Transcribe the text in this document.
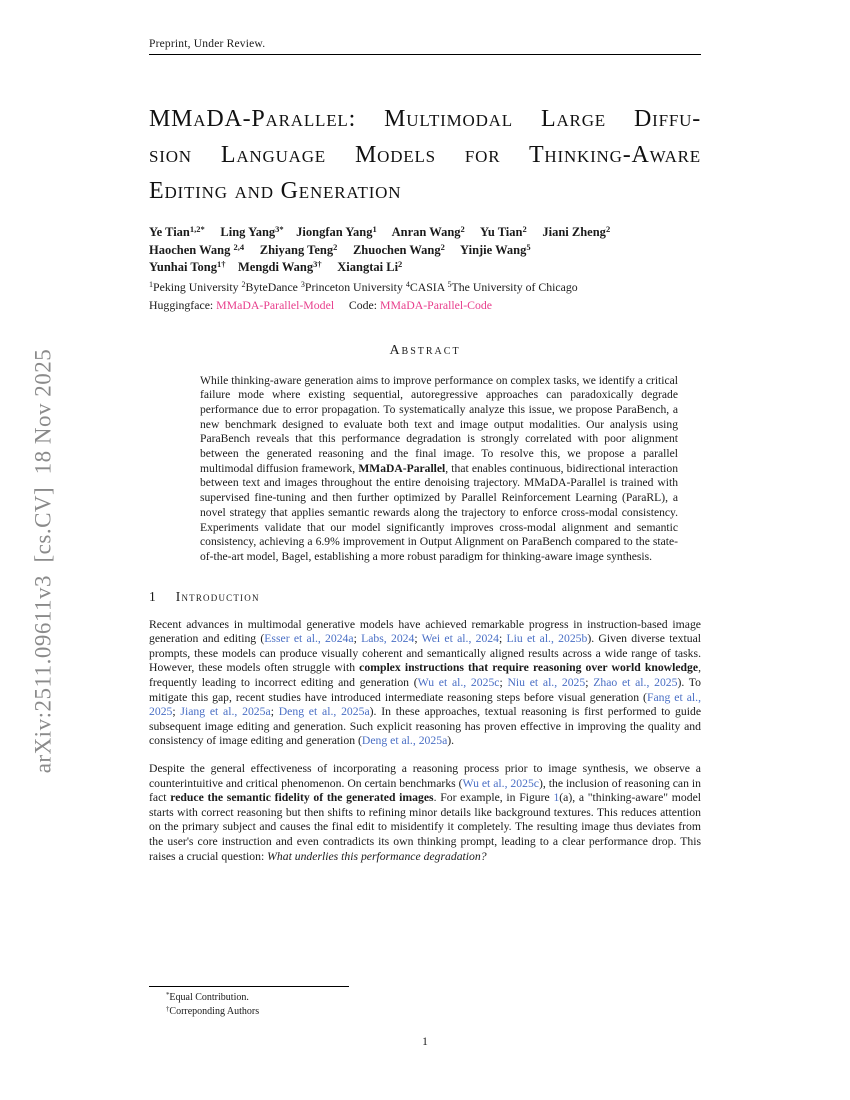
arXiv:2511.09611v3  [cs.CV]  18 Nov 2025
Preprint, Under Review.
MMaDA-Parallel: Multimodal Large Diffu-
sion Language Models for Thinking-Aware
Editing and Generation
Ye Tian$^{1,2*}$ Ling Yang$^{3*}$ Jiongfan Yang$^1$ Anran Wang$^2$ Yu Tian$^2$ Jiani Zheng$^2$
Haochen Wang $^{2,4}$ Zhiyang Teng$^2$ Zhuochen Wang$^2$ Yinjie Wang$^5$
Yunhai Tong$^{1\dagger}$ Mengdi Wang$^{3\dagger}$ Xiangtai Li$^2$
$^1$Peking University $^2$ByteDance $^3$Princeton University $^4$CASIA $^5$The University of Chicago
Huggingface: MMaDA-Parallel-Model     Code: MMaDA-Parallel-Code
Abstract
While thinking-aware generation aims to improve performance on complex tasks, we identify a critical failure mode where existing sequential, autoregressive approaches can paradoxically degrade performance due to error propagation. To systematically analyze this issue, we propose ParaBench, a new benchmark designed to evaluate both text and image output modalities. Our analysis using ParaBench reveals that this performance degradation is strongly correlated with poor alignment between the generated reasoning and the final image. To resolve this, we propose a parallel multimodal diffusion framework, MMaDA-Parallel, that enables continuous, bidirectional interaction between text and images throughout the entire denoising trajectory. MMaDA-Parallel is trained with supervised fine-tuning and then further optimized by Parallel Reinforcement Learning (ParaRL), a novel strategy that applies semantic rewards along the trajectory to enforce cross-modal consistency. Experiments validate that our model significantly improves cross-modal alignment and semantic consistency, achieving a 6.9% improvement in Output Alignment on ParaBench compared to the state-of-the-art model, Bagel, establishing a more robust paradigm for thinking-aware image synthesis.
1 Introduction
Recent advances in multimodal generative models have achieved remarkable progress in instruction-based image generation and editing (Esser et al., 2024a; Labs, 2024; Wei et al., 2024; Liu et al., 2025b). Given diverse textual prompts, these models can produce visually coherent and semantically aligned results across a wide range of tasks. However, these models often struggle with complex instructions that require reasoning over world knowledge, frequently leading to incorrect editing and generation (Wu et al., 2025c; Niu et al., 2025; Zhao et al., 2025). To mitigate this gap, recent studies have introduced intermediate reasoning steps before visual generation (Fang et al., 2025; Jiang et al., 2025a; Deng et al., 2025a). In these approaches, textual reasoning is first performed to guide subsequent image editing and generation. Such explicit reasoning has proven effective in improving the quality and consistency of image editing and generation (Deng et al., 2025a).
Despite the general effectiveness of incorporating a reasoning process prior to image synthesis, we observe a counterintuitive and critical phenomenon. On certain benchmarks (Wu et al., 2025c), the inclusion of reasoning can in fact reduce the semantic fidelity of the generated images. For example, in Figure 1(a), a "thinking-aware" model starts with correct reasoning but then shifts to refining minor details like background textures. This reduces attention on the primary subject and causes the final edit to misidentify it completely. The resulting image thus deviates from the user's core instruction and even contradicts its own thinking prompt, leading to a clear performance drop. This raises a crucial question: What underlies this performance degradation?
*Equal Contribution.
†Correponding Authors
1
